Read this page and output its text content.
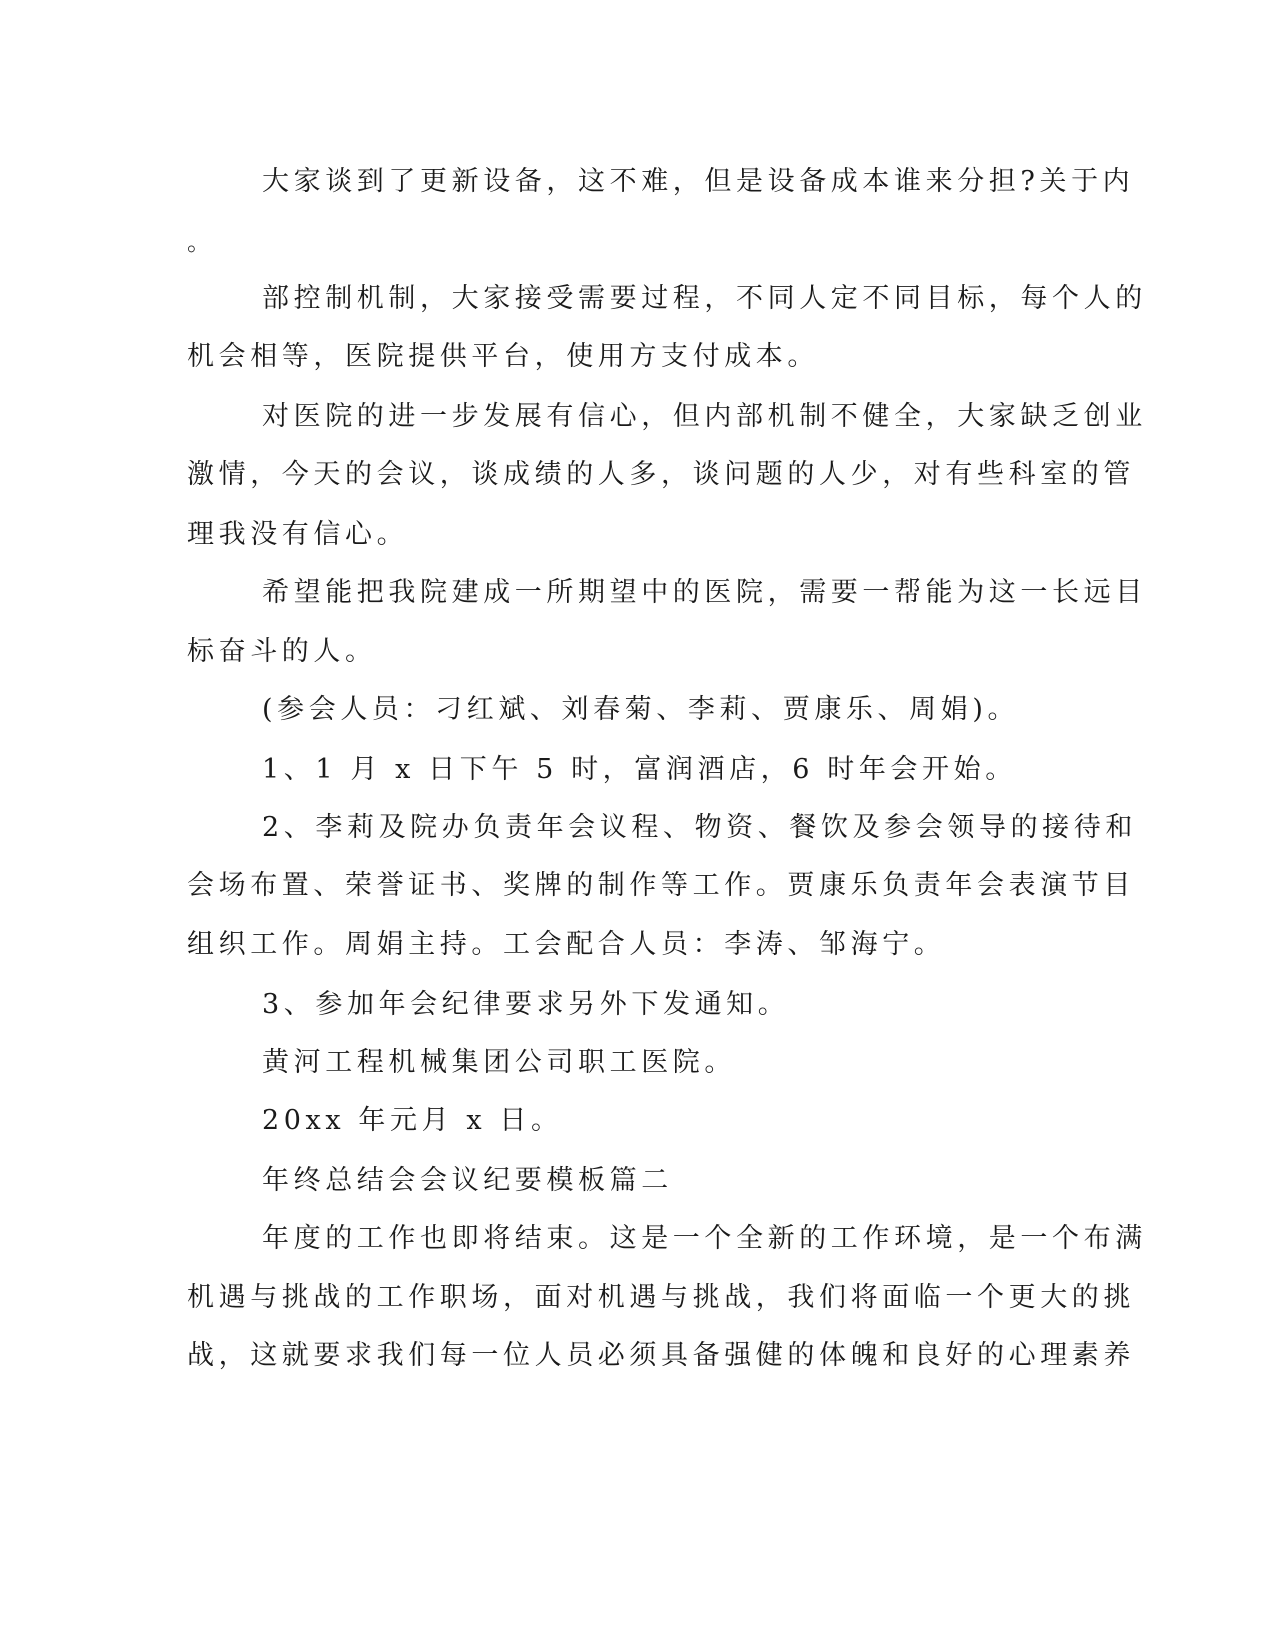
大家谈到了更新设备，这不难，但是设备成本谁来分担?关于内

。

部控制机制，大家接受需要过程，不同人定不同目标，每个人的

机会相等，医院提供平台，使用方支付成本。

对医院的进一步发展有信心，但内部机制不健全，大家缺乏创业

激情，今天的会议，谈成绩的人多，谈问题的人少，对有些科室的管

理我没有信心。

希望能把我院建成一所期望中的医院，需要一帮能为这一长远目

标奋斗的人。

(参会人员：刁红斌、刘春菊、李莉、贾康乐、周娟)。

1、1 月 x 日下午 5 时，富润酒店，6 时年会开始。

2、李莉及院办负责年会议程、物资、餐饮及参会领导的接待和

会场布置、荣誉证书、奖牌的制作等工作。贾康乐负责年会表演节目

组织工作。周娟主持。工会配合人员：李涛、邹海宁。

3、参加年会纪律要求另外下发通知。

黄河工程机械集团公司职工医院。

20xx 年元月 x 日。

年终总结会会议纪要模板篇二

年度的工作也即将结束。这是一个全新的工作环境，是一个布满

机遇与挑战的工作职场，面对机遇与挑战，我们将面临一个更大的挑

战，这就要求我们每一位人员必须具备强健的体魄和良好的心理素养
